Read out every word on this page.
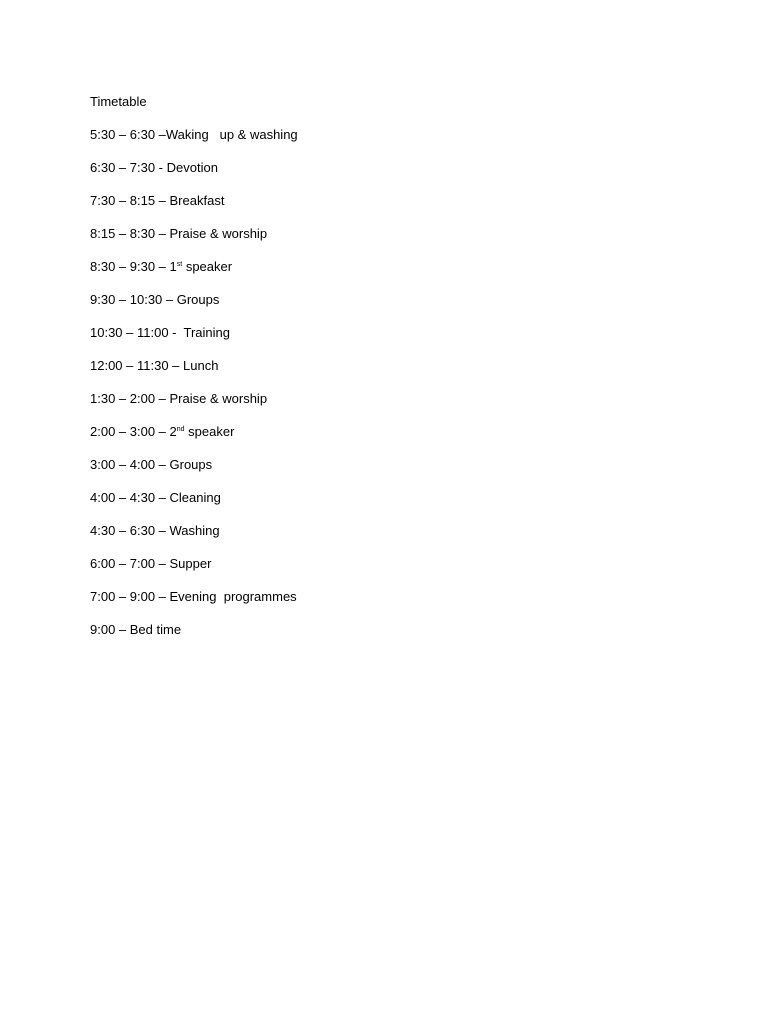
Timetable
5:30 – 6:30 –Waking   up & washing
6:30 – 7:30 - Devotion
7:30 – 8:15 – Breakfast
8:15 – 8:30 – Praise & worship
8:30 – 9:30 – 1st speaker
9:30 – 10:30 – Groups
10:30 – 11:00 -  Training
12:00 – 11:30 – Lunch
1:30 – 2:00 – Praise & worship
2:00 – 3:00 – 2nd speaker
3:00 – 4:00 – Groups
4:00 – 4:30 – Cleaning
4:30 – 6:30 – Washing
6:00 – 7:00 – Supper
7:00 – 9:00 – Evening  programmes
9:00 – Bed time
